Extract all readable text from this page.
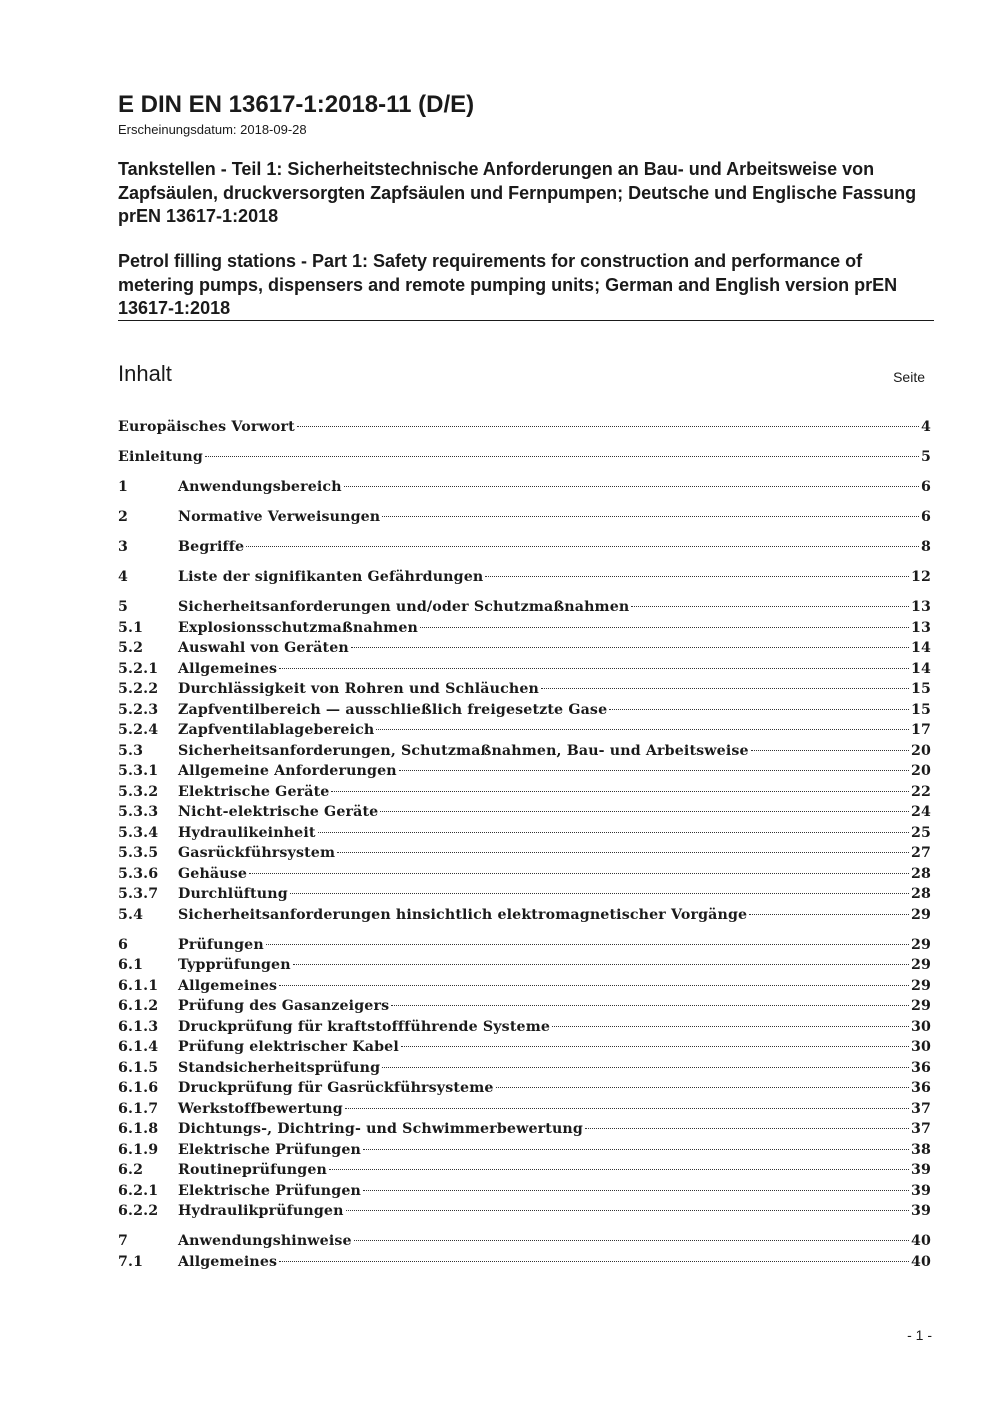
E DIN EN 13617-1:2018-11 (D/E)

Erscheinungsdatum: 2018-09-28

Tankstellen - Teil 1: Sicherheitstechnische Anforderungen an Bau- und Arbeitsweise von Zapfsäulen, druckversorgten Zapfsäulen und Fernpumpen; Deutsche und Englische Fassung prEN 13617-1:2018
Petrol filling stations - Part 1: Safety requirements for construction and performance of metering pumps, dispensers and remote pumping units; German and English version prEN 13617-1:2018
Inhalt	Seite
Europäisches Vorwort	4
Einleitung	5
1	Anwendungsbereich	6
2	Normative Verweisungen	6
3	Begriffe	8
4	Liste der signifikanten Gefährdungen	12
5	Sicherheitsanforderungen und/oder Schutzmaßnahmen	13
5.1	Explosionsschutzmaßnahmen	13
5.2	Auswahl von Geräten	14
5.2.1	Allgemeines	14
5.2.2	Durchlässigkeit von Rohren und Schläuchen	15
5.2.3	Zapfventilbereich — ausschließlich freigesetzte Gase	15
5.2.4	Zapfventilablagebereich	17
5.3	Sicherheitsanforderungen, Schutzmaßnahmen, Bau- und Arbeitsweise	20
5.3.1	Allgemeine Anforderungen	20
5.3.2	Elektrische Geräte	22
5.3.3	Nicht-elektrische Geräte	24
5.3.4	Hydraulikeinheit	25
5.3.5	Gasrückführsystem	27
5.3.6	Gehäuse	28
5.3.7	Durchlüftung	28
5.4	Sicherheitsanforderungen hinsichtlich elektromagnetischer Vorgänge	29
6	Prüfungen	29
6.1	Typprüfungen	29
6.1.1	Allgemeines	29
6.1.2	Prüfung des Gasanzeigers	29
6.1.3	Druckprüfung für kraftstoffführende Systeme	30
6.1.4	Prüfung elektrischer Kabel	30
6.1.5	Standsicherheitsprüfung	36
6.1.6	Druckprüfung für Gasrückführsysteme	36
6.1.7	Werkstoffbewertung	37
6.1.8	Dichtungs-, Dichtring- und Schwimmerbewertung	37
6.1.9	Elektrische Prüfungen	38
6.2	Routineprüfungen	39
6.2.1	Elektrische Prüfungen	39
6.2.2	Hydraulikprüfungen	39
7	Anwendungshinweise	40
7.1	Allgemeines	40
- 1 -
